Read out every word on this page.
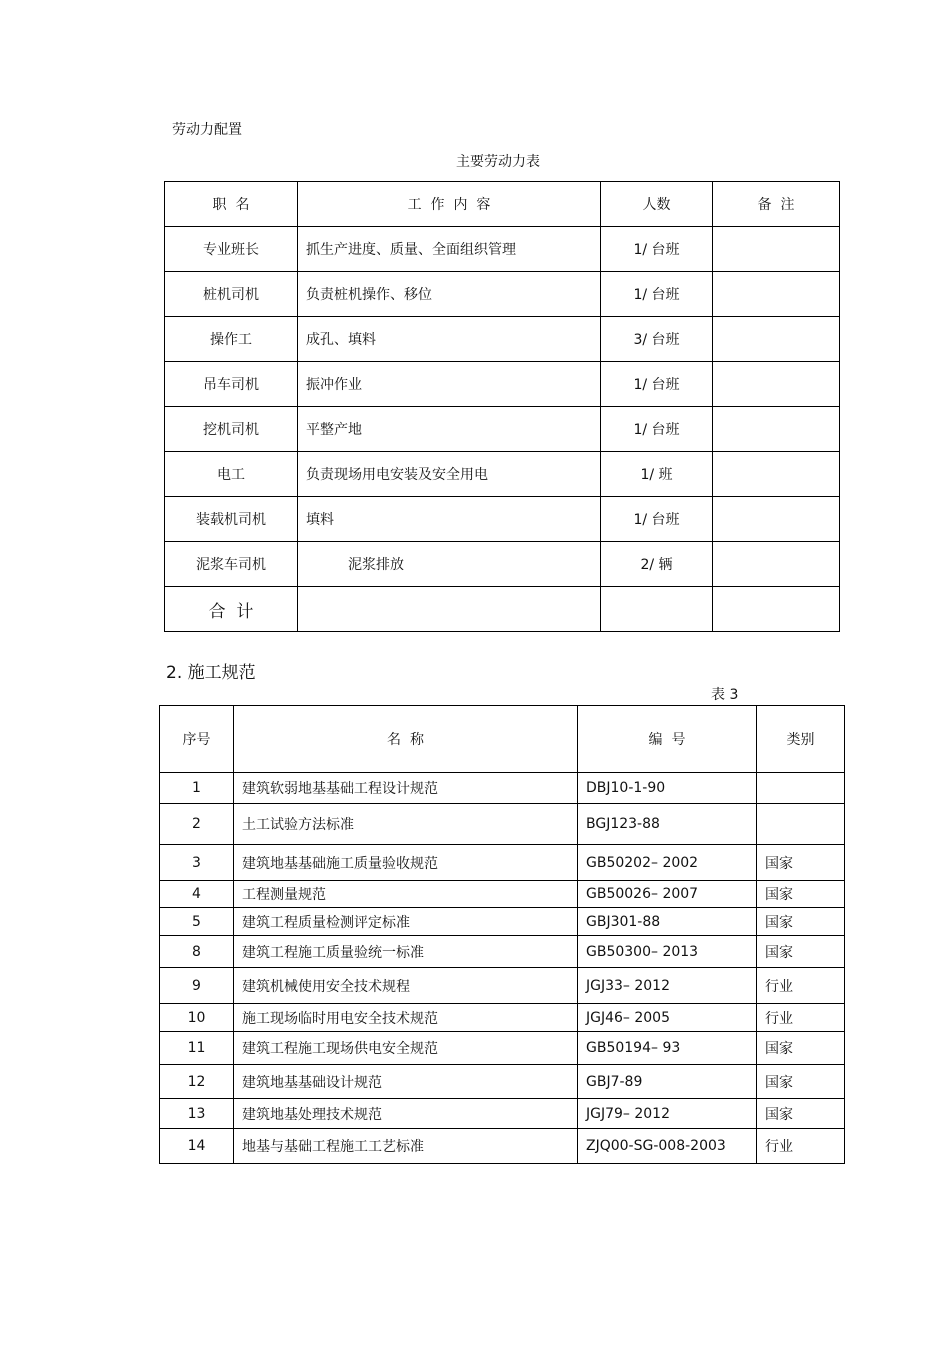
劳动力配置
主要劳动力表
职  名	工  作  内  容	人数	备  注
专业班长	抓生产进度、质量、全面组织管理	1/ 台班	
桩机司机	负责桩机操作、移位	1/ 台班	
操作工	成孔、填料	3/ 台班	
吊车司机	振冲作业	1/ 台班	
挖机司机	平整产地	1/ 台班	
电工	负责现场用电安装及安全用电	1/ 班	
装载机司机	填料	1/ 台班	
泥浆车司机	泥浆排放	2/ 辆	
合  计			
2. 施工规范
表 3
序号	名  称	编  号	类别
1	建筑软弱地基基础工程设计规范	DBJ10-1-90	
2	土工试验方法标准	BGJ123-88	
3	建筑地基基础施工质量验收规范	GB50202– 2002	国家
4	工程测量规范	GB50026– 2007	国家
5	建筑工程质量检测评定标准	GBJ301-88	国家
8	建筑工程施工质量验统一标准	GB50300– 2013	国家
9	建筑机械使用安全技术规程	JGJ33– 2012	行业
10	施工现场临时用电安全技术规范	JGJ46– 2005	行业
11	建筑工程施工现场供电安全规范	GB50194– 93	国家
12	建筑地基基础设计规范	GBJ7-89	国家
13	建筑地基处理技术规范	JGJ79– 2012	国家
14	地基与基础工程施工工艺标准	ZJQ00-SG-008-2003	行业
